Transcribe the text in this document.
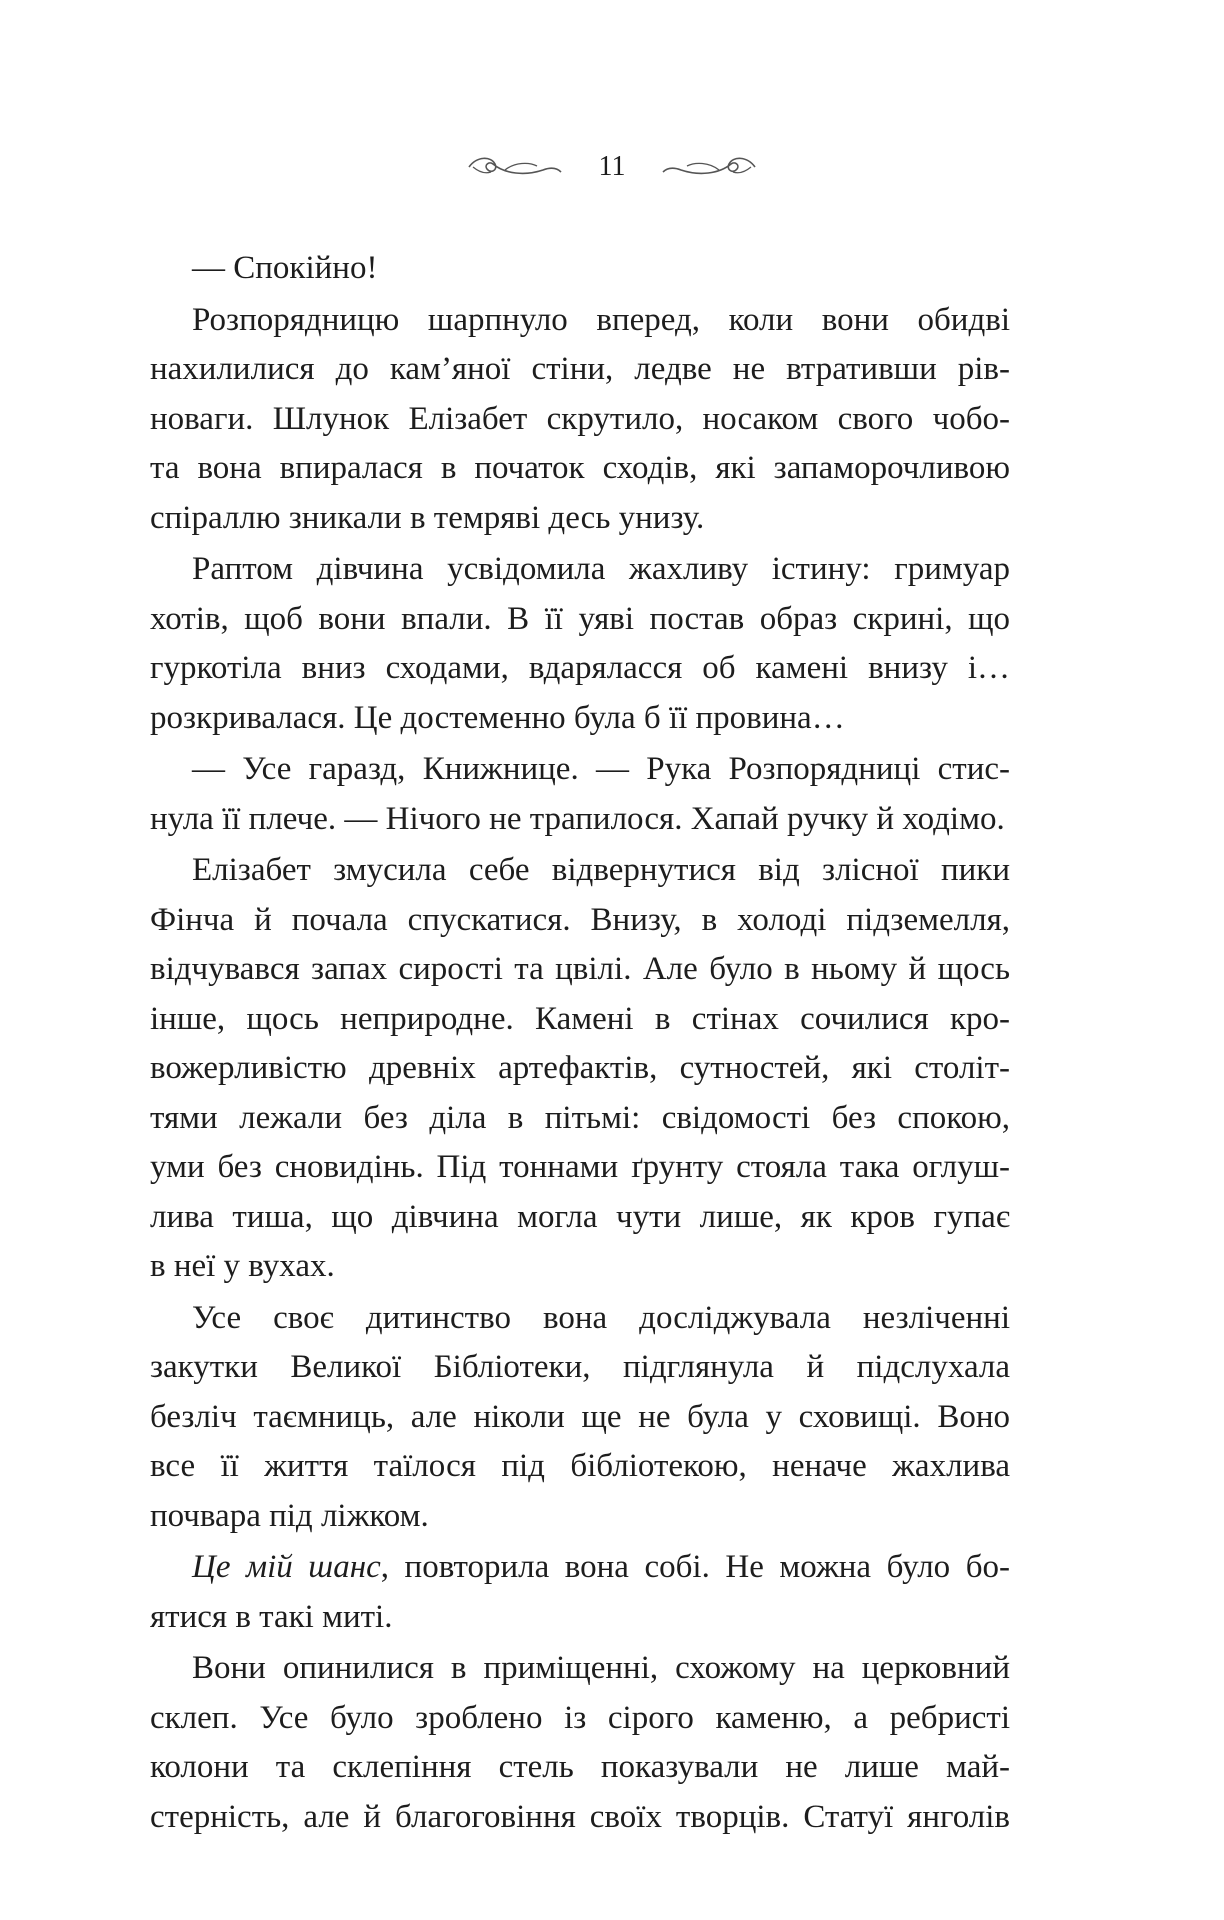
11
— Спокійно!
Розпорядницю шарпнуло вперед, коли вони обидві
нахилилися до кам’яної стіни, ледве не втративши рів-
новаги. Шлунок Елізабет скрутило, носаком свого чобо-
та вона впиралася в початок сходів, які запаморочливою
спіраллю зникали в темряві десь унизу.
Раптом дівчина усвідомила жахливу істину: гримуар
хотів, щоб вони впали. В її уяві постав образ скрині, що
гуркотіла вниз сходами, вдаряласся об камені внизу і…
розкривалася. Це достеменно була б її провина…
— Усе гаразд, Книжнице. — Рука Розпорядниці стис-
нула її плече. — Нічого не трапилося. Хапай ручку й ходімо.
Елізабет змусила себе відвернутися від злісної пики
Фінча й почала спускатися. Внизу, в холоді підземелля,
відчувався запах сирості та цвілі. Але було в ньому й щось
інше, щось неприродне. Камені в стінах сочилися кро-
вожерливістю древніх артефактів, сутностей, які століт-
тями лежали без діла в пітьмі: свідомості без спокою,
уми без сновидінь. Під тоннами ґрунту стояла така оглуш-
лива тиша, що дівчина могла чути лише, як кров гупає
в неї у вухах.
Усе своє дитинство вона досліджувала незліченні
закутки Великої Бібліотеки, підглянула й підслухала
безліч таємниць, але ніколи ще не була у сховищі. Воно
все її життя таїлося під бібліотекою, неначе жахлива
почвара під ліжком.
Це мій шанс, повторила вона собі. Не можна було бо-
ятися в такі миті.
Вони опинилися в приміщенні, схожому на церковний
склеп. Усе було зроблено із сірого каменю, а ребристі
колони та склепіння стель показували не лише май-
стерність, але й благоговіння своїх творців. Статуї янголів
